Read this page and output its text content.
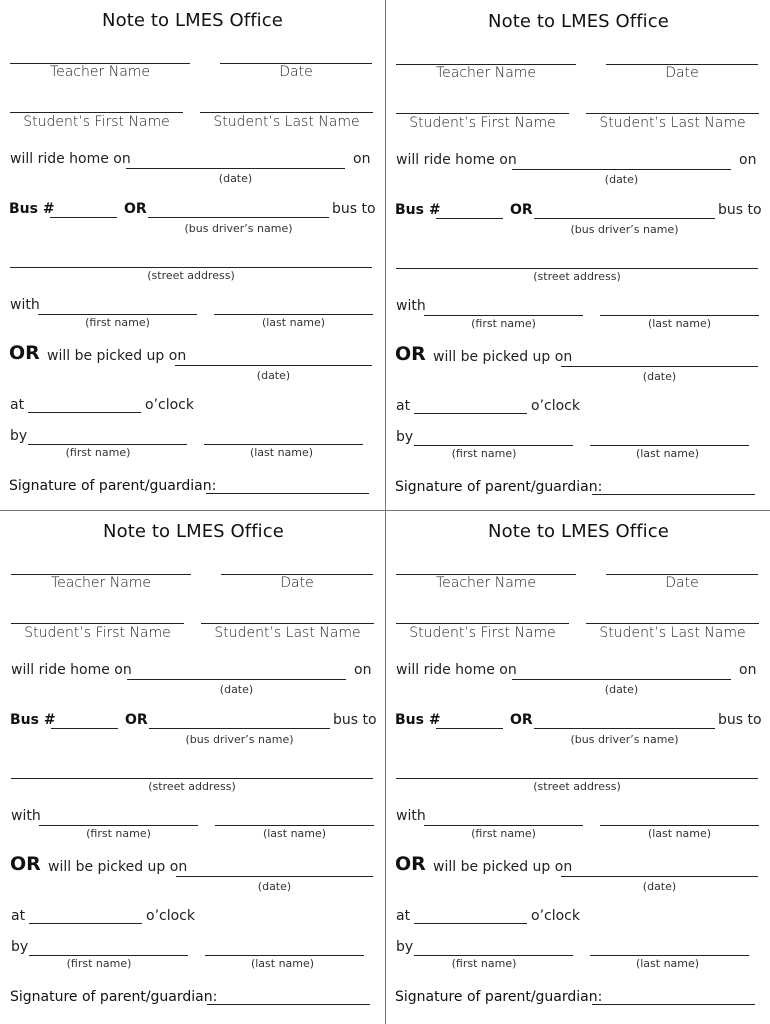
Note to LMES Office
Teacher Name	Date
Student’s First Name	Student’s Last Name
will ride home on	on
(date)
Bus #	OR	bus to
(bus driver’s name)
(street address)
with
(first name)	(last name)
OR will be picked up on
(date)
at	o’clock
by
(first name)	(last name)
Signature of parent/guardian:
Note to LMES Office
Teacher Name	Date
Student’s First Name	Student’s Last Name
will ride home on	on
(date)
Bus #	OR	bus to
(bus driver’s name)
(street address)
with
(first name)	(last name)
OR will be picked up on
(date)
at	o’clock
by
(first name)	(last name)
Signature of parent/guardian:
Note to LMES Office
Teacher Name	Date
Student’s First Name	Student’s Last Name
will ride home on	on
(date)
Bus #	OR	bus to
(bus driver’s name)
(street address)
with
(first name)	(last name)
OR will be picked up on
(date)
at	o’clock
by
(first name)	(last name)
Signature of parent/guardian:
Note to LMES Office
Teacher Name	Date
Student’s First Name	Student’s Last Name
will ride home on	on
(date)
Bus #	OR	bus to
(bus driver’s name)
(street address)
with
(first name)	(last name)
OR will be picked up on
(date)
at	o’clock
by
(first name)	(last name)
Signature of parent/guardian:
